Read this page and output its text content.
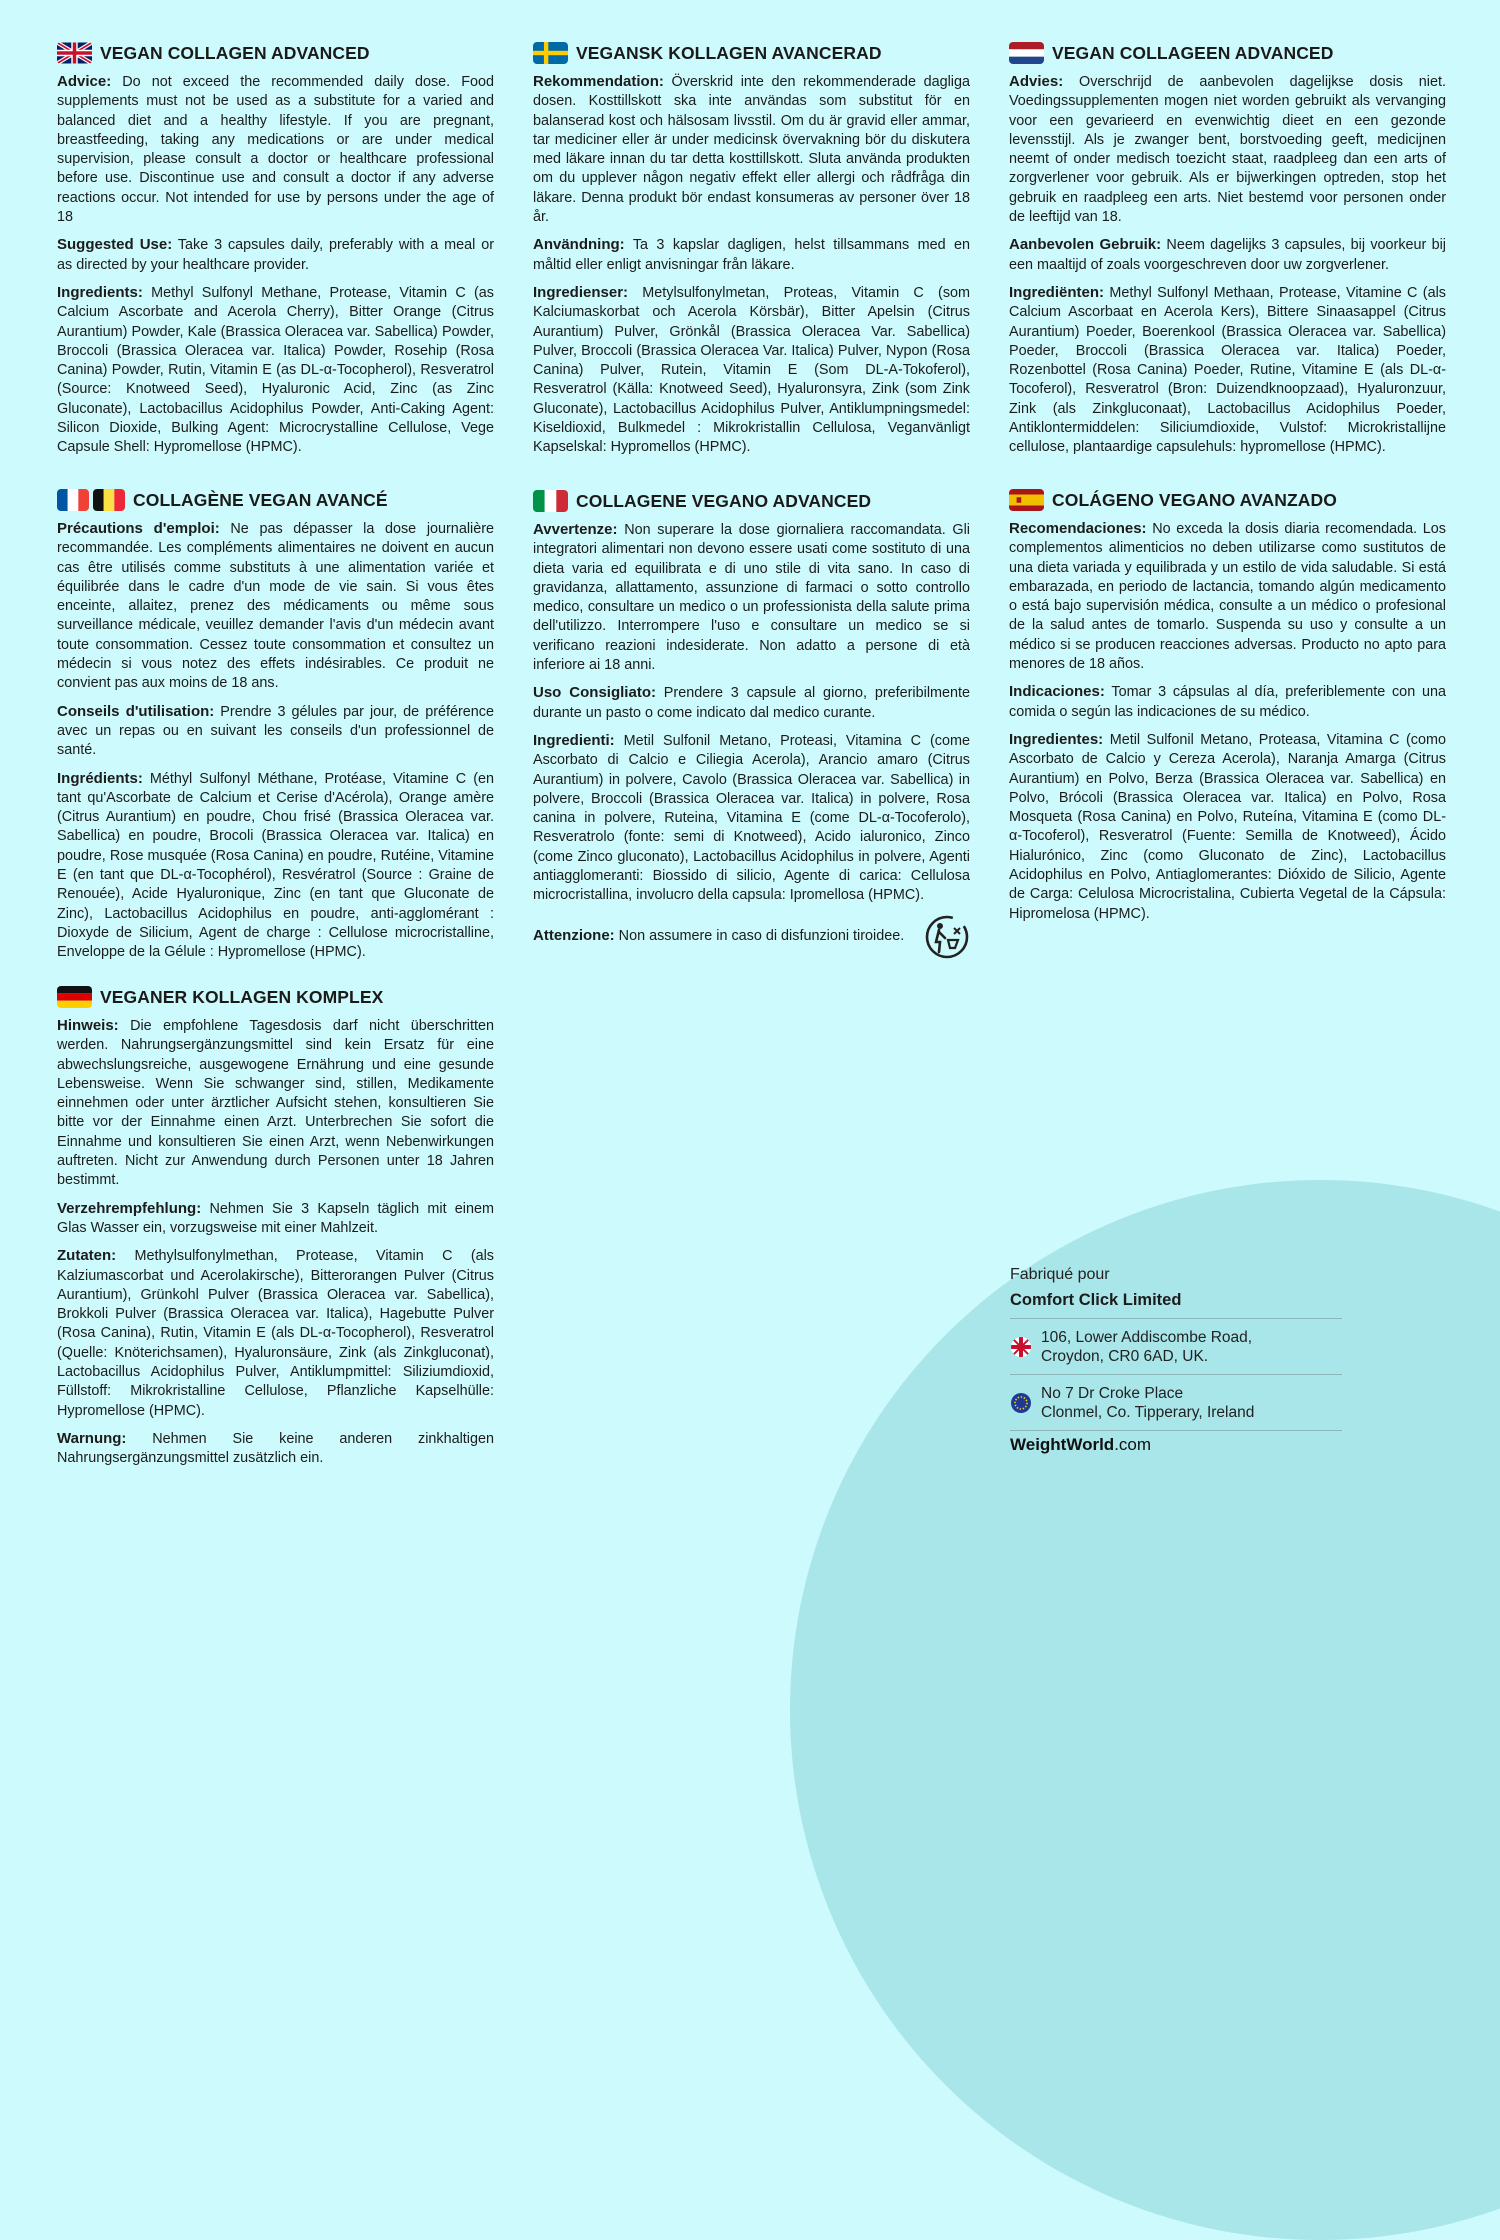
VEGAN COLLAGEN ADVANCED

Advice: Do not exceed the recommended daily dose. Food supplements must not be used as a substitute for a varied and balanced diet and a healthy lifestyle. If you are pregnant, breastfeeding, taking any medications or are under medical supervision, please consult a doctor or healthcare professional before use. Discontinue use and consult a doctor if any adverse reactions occur. Not intended for use by persons under the age of 18

Suggested Use: Take 3 capsules daily, preferably with a meal or as directed by your healthcare provider.

Ingredients: Methyl Sulfonyl Methane, Protease, Vitamin C (as Calcium Ascorbate and Acerola Cherry), Bitter Orange (Citrus Aurantium) Powder, Kale (Brassica Oleracea var. Sabellica) Powder, Broccoli (Brassica Oleracea var. Italica) Powder, Rosehip (Rosa Canina) Powder, Rutin, Vitamin E (as DL-α-Tocopherol), Resveratrol (Source: Knotweed Seed), Hyaluronic Acid, Zinc (as Zinc Gluconate), Lactobacillus Acidophilus Powder, Anti-Caking Agent: Silicon Dioxide, Bulking Agent: Microcrystalline Cellulose, Vege Capsule Shell: Hypromellose (HPMC).

COLLAGÈNE VEGAN AVANCÉ

Précautions d'emploi: Ne pas dépasser la dose journalière recommandée. Les compléments alimentaires ne doivent en aucun cas être utilisés comme substituts à une alimentation variée et équilibrée dans le cadre d'un mode de vie sain. Si vous êtes enceinte, allaitez, prenez des médicaments ou même sous surveillance médicale, veuillez demander l'avis d'un médecin avant toute consommation. Cessez toute consommation et consultez un médecin si vous notez des effets indésirables. Ce produit ne convient pas aux moins de 18 ans.

Conseils d'utilisation: Prendre 3 gélules par jour, de préférence avec un repas ou en suivant les conseils d'un professionnel de santé.

Ingrédients: Méthyl Sulfonyl Méthane, Protéase, Vitamine C (en tant qu'Ascorbate de Calcium et Cerise d'Acérola), Orange amère (Citrus Aurantium) en poudre, Chou frisé (Brassica Oleracea var. Sabellica) en poudre, Brocoli (Brassica Oleracea var. Italica) en poudre, Rose musquée (Rosa Canina) en poudre, Rutéine, Vitamine E (en tant que DL-α-Tocophérol), Resvératrol (Source : Graine de Renouée), Acide Hyaluronique, Zinc (en tant que Gluconate de Zinc), Lactobacillus Acidophilus en poudre, anti-agglomérant : Dioxyde de Silicium, Agent de charge : Cellulose microcristalline, Enveloppe de la Gélule : Hypromellose (HPMC).

VEGANER KOLLAGEN KOMPLEX

Hinweis: Die empfohlene Tagesdosis darf nicht überschritten werden. Nahrungsergänzungsmittel sind kein Ersatz für eine abwechslungsreiche, ausgewogene Ernährung und eine gesunde Lebensweise. Wenn Sie schwanger sind, stillen, Medikamente einnehmen oder unter ärztlicher Aufsicht stehen, konsultieren Sie bitte vor der Einnahme einen Arzt. Unterbrechen Sie sofort die Einnahme und konsultieren Sie einen Arzt, wenn Nebenwirkungen auftreten. Nicht zur Anwendung durch Personen unter 18 Jahren bestimmt.

Verzehrempfehlung: Nehmen Sie 3 Kapseln täglich mit einem Glas Wasser ein, vorzugsweise mit einer Mahlzeit.

Zutaten: Methylsulfonylmethan, Protease, Vitamin C (als Kalziumascorbat und Acerolakirsche), Bitterorangen Pulver (Citrus Aurantium), Grünkohl Pulver (Brassica Oleracea var. Sabellica), Brokkoli Pulver (Brassica Oleracea var. Italica), Hagebutte Pulver (Rosa Canina), Rutin, Vitamin E (als DL-α-Tocopherol), Resveratrol (Quelle: Knöterichsamen), Hyaluronsäure, Zink (als Zinkgluconat), Lactobacillus Acidophilus Pulver, Antiklumpmittel: Siliziumdioxid, Füllstoff: Mikrokristalline Cellulose, Pflanzliche Kapselhülle: Hypromellose (HPMC).

Warnung: Nehmen Sie keine anderen zinkhaltigen Nahrungsergänzungsmittel zusätzlich ein.

VEGANSK KOLLAGEN AVANCERAD

Rekommendation: Överskrid inte den rekommenderade dagliga dosen. Kosttillskott ska inte användas som substitut för en balanserad kost och hälsosam livsstil. Om du är gravid eller ammar, tar mediciner eller är under medicinsk övervakning bör du diskutera med läkare innan du tar detta kosttillskott. Sluta använda produkten om du upplever någon negativ effekt eller allergi och rådfråga din läkare. Denna produkt bör endast konsumeras av personer över 18 år.

Användning: Ta 3 kapslar dagligen, helst tillsammans med en måltid eller enligt anvisningar från läkare.

Ingredienser: Metylsulfonylmetan, Proteas, Vitamin C (som Kalciumaskorbat och Acerola Körsbär), Bitter Apelsin (Citrus Aurantium) Pulver, Grönkål (Brassica Oleracea Var. Sabellica) Pulver, Broccoli (Brassica Oleracea Var. Italica) Pulver, Nypon (Rosa Canina) Pulver, Rutein, Vitamin E (Som DL-Α-Tokoferol), Resveratrol (Källa: Knotweed Seed), Hyaluronsyra, Zink (som Zink Gluconate), Lactobacillus Acidophilus Pulver, Antiklumpningsmedel: Kiseldioxid, Bulkmedel : Mikrokristallin Cellulosa, Veganvänligt Kapselskal: Hypromellos (HPMC).

COLLAGENE VEGANO ADVANCED

Avvertenze: Non superare la dose giornaliera raccomandata. Gli integratori alimentari non devono essere usati come sostituto di una dieta varia ed equilibrata e di uno stile di vita sano. In caso di gravidanza, allattamento, assunzione di farmaci o sotto controllo medico, consultare un medico o un professionista della salute prima dell'utilizzo. Interrompere l'uso e consultare un medico se si verificano reazioni indesiderate. Non adatto a persone di età inferiore ai 18 anni.

Uso Consigliato: Prendere 3 capsule al giorno, preferibilmente durante un pasto o come indicato dal medico curante.

Ingredienti: Metil Sulfonil Metano, Proteasi, Vitamina C (come Ascorbato di Calcio e Ciliegia Acerola), Arancio amaro (Citrus Aurantium) in polvere, Cavolo (Brassica Oleracea var. Sabellica) in polvere, Broccoli (Brassica Oleracea var. Italica) in polvere, Rosa canina in polvere, Ruteina, Vitamina E (come DL-α-Tocoferolo), Resveratrolo (fonte: semi di Knotweed), Acido ialuronico, Zinco (come Zinco gluconato), Lactobacillus Acidophilus in polvere, Agenti antiagglomeranti: Biossido di silicio, Agente di carica: Cellulosa microcristallina, involucro della capsula: Ipromellosa (HPMC).

Attenzione: Non assumere in caso di disfunzioni tiroidee.

VEGAN COLLAGEEN ADVANCED

Advies: Overschrijd de aanbevolen dagelijkse dosis niet. Voedingssupplementen mogen niet worden gebruikt als vervanging voor een gevarieerd en evenwichtig dieet en een gezonde levensstijl. Als je zwanger bent, borstvoeding geeft, medicijnen neemt of onder medisch toezicht staat, raadpleeg dan een arts of zorgverlener voor gebruik. Als er bijwerkingen optreden, stop het gebruik en raadpleeg een arts. Niet bestemd voor personen onder de leeftijd van 18.

Aanbevolen Gebruik: Neem dagelijks 3 capsules, bij voorkeur bij een maaltijd of zoals voorgeschreven door uw zorgverlener.

Ingrediënten: Methyl Sulfonyl Methaan, Protease, Vitamine C (als Calcium Ascorbaat en Acerola Kers), Bittere Sinaasappel (Citrus Aurantium) Poeder, Boerenkool (Brassica Oleracea var. Sabellica) Poeder, Broccoli (Brassica Oleracea var. Italica) Poeder, Rozenbottel (Rosa Canina) Poeder, Rutine, Vitamine E (als DL-α-Tocoferol), Resveratrol (Bron: Duizendknoopzaad), Hyaluronzuur, Zink (als Zinkgluconaat), Lactobacillus Acidophilus Poeder, Antiklontermiddelen: Siliciumdioxide, Vulstof: Microkristallijne cellulose, plantaardige capsulehuls: hypromellose (HPMC).

COLÁGENO VEGANO AVANZADO

Recomendaciones: No exceda la dosis diaria recomendada. Los complementos alimenticios no deben utilizarse como sustitutos de una dieta variada y equilibrada y un estilo de vida saludable. Si está embarazada, en periodo de lactancia, tomando algún medicamento o está bajo supervisión médica, consulte a un médico o profesional de la salud antes de tomarlo. Suspenda su uso y consulte a un médico si se producen reacciones adversas. Producto no apto para menores de 18 años.

Indicaciones: Tomar 3 cápsulas al día, preferiblemente con una comida o según las indicaciones de su médico.

Ingredientes: Metil Sulfonil Metano, Proteasa, Vitamina C (como Ascorbato de Calcio y Cereza Acerola), Naranja Amarga (Citrus Aurantium) en Polvo, Berza (Brassica Oleracea var. Sabellica) en Polvo, Brócoli (Brassica Oleracea var. Italica) en Polvo, Rosa Mosqueta (Rosa Canina) en Polvo, Ruteína, Vitamina E (como DL-α-Tocoferol), Resveratrol (Fuente: Semilla de Knotweed), Ácido Hialurónico, Zinc (como Gluconato de Zinc), Lactobacillus Acidophilus en Polvo, Antiaglomerantes: Dióxido de Silicio, Agente de Carga: Celulosa Microcristalina, Cubierta Vegetal de la Cápsula: Hipromelosa (HPMC).

Fabriqué pour
Comfort Click Limited
106, Lower Addiscombe Road,
Croydon, CR0 6AD, UK.
No 7 Dr Croke Place
Clonmel, Co. Tipperary, Ireland
WeightWorld.com
